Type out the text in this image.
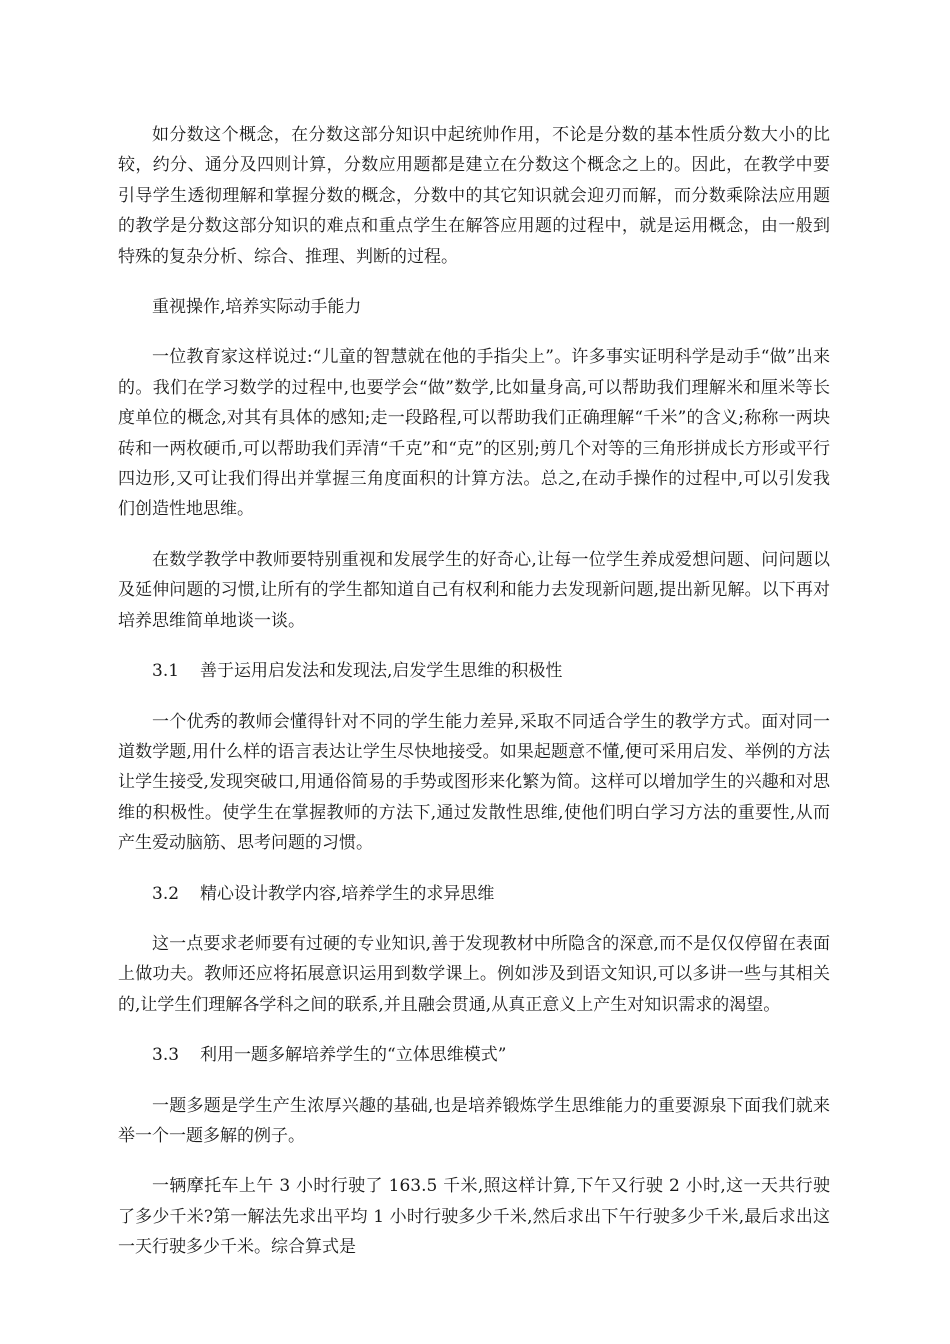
如分数这个概念，在分数这部分知识中起统帅作用，不论是分数的基本性质分数大小的比较，约分、通分及四则计算，分数应用题都是建立在分数这个概念之上的。因此，在教学中要引导学生透彻理解和掌握分数的概念，分数中的其它知识就会迎刃而解，而分数乘除法应用题的教学是分数这部分知识的难点和重点学生在解答应用题的过程中，就是运用概念，由一般到特殊的复杂分析、综合、推理、判断的过程。

重视操作,培养实际动手能力

一位教育家这样说过:“儿童的智慧就在他的手指尖上”。许多事实证明科学是动手“做”出来的。我们在学习数学的过程中,也要学会“做”数学,比如量身高,可以帮助我们理解米和厘米等长度单位的概念,对其有具体的感知;走一段路程,可以帮助我们正确理解“千米”的含义;称称一两块砖和一两枚硬币,可以帮助我们弄清“千克”和“克”的区别;剪几个对等的三角形拼成长方形或平行四边形,又可让我们得出并掌握三角度面积的计算方法。总之,在动手操作的过程中,可以引发我们创造性地思维。

在数学教学中教师要特别重视和发展学生的好奇心,让每一位学生养成爱想问题、问问题以及延伸问题的习惯,让所有的学生都知道自己有权利和能力去发现新问题,提出新见解。以下再对培养思维简单地谈一谈。

3.1 善于运用启发法和发现法,启发学生思维的积极性

一个优秀的教师会懂得针对不同的学生能力差异,采取不同适合学生的教学方式。面对同一道数学题,用什么样的语言表达让学生尽快地接受。如果起题意不懂,便可采用启发、举例的方法让学生接受,发现突破口,用通俗简易的手势或图形来化繁为简。这样可以增加学生的兴趣和对思维的积极性。使学生在掌握教师的方法下,通过发散性思维,使他们明白学习方法的重要性,从而产生爱动脑筋、思考问题的习惯。

3.2 精心设计教学内容,培养学生的求异思维

这一点要求老师要有过硬的专业知识,善于发现教材中所隐含的深意,而不是仅仅停留在表面上做功夫。教师还应将拓展意识运用到数学课上。例如涉及到语文知识,可以多讲一些与其相关的,让学生们理解各学科之间的联系,并且融会贯通,从真正意义上产生对知识需求的渴望。

3.3 利用一题多解培养学生的“立体思维模式”

一题多题是学生产生浓厚兴趣的基础,也是培养锻炼学生思维能力的重要源泉下面我们就来举一个一题多解的例子。

一辆摩托车上午 3 小时行驶了 163.5 千米,照这样计算,下午又行驶 2 小时,这一天共行驶了多少千米?第一解法先求出平均 1 小时行驶多少千米,然后求出下午行驶多少千米,最后求出这一天行驶多少千米。综合算式是
